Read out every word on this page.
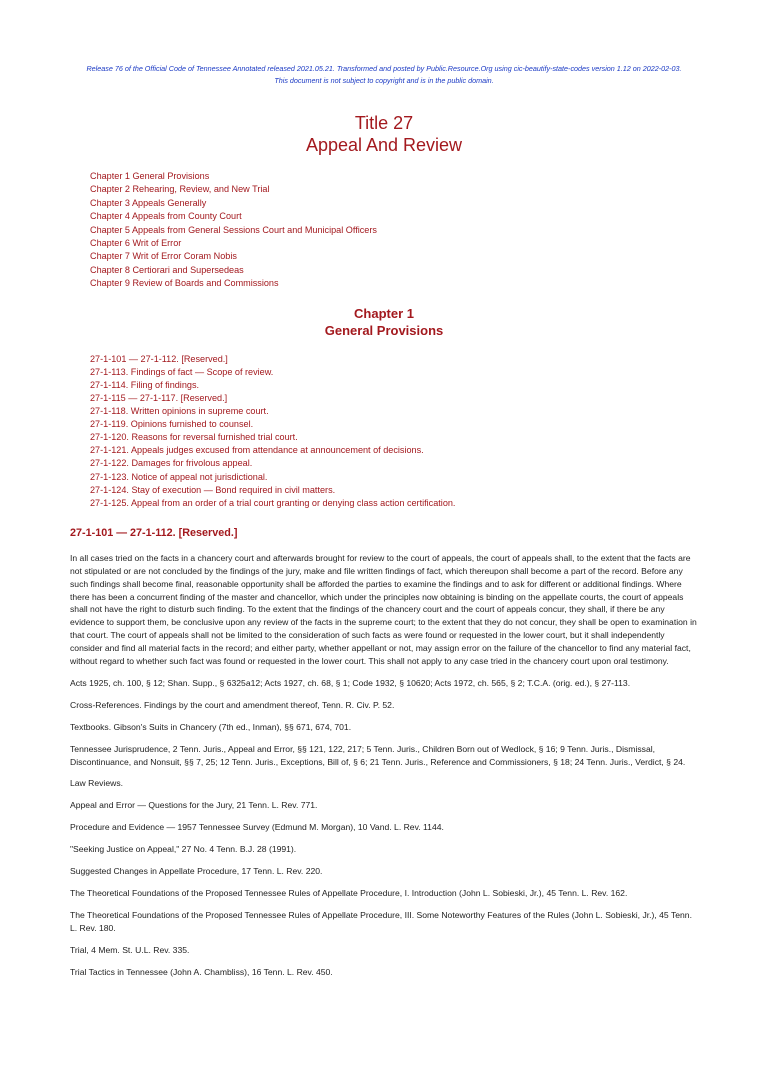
Release 76 of the Official Code of Tennessee Annotated released 2021.05.21. Transformed and posted by Public.Resource.Org using cic-beautify-state-codes version 1.12 on 2022-02-03.
This document is not subject to copyright and is in the public domain.
Title 27
Appeal And Review
Chapter 1 General Provisions
Chapter 2 Rehearing, Review, and New Trial
Chapter 3 Appeals Generally
Chapter 4 Appeals from County Court
Chapter 5 Appeals from General Sessions Court and Municipal Officers
Chapter 6 Writ of Error
Chapter 7 Writ of Error Coram Nobis
Chapter 8 Certiorari and Supersedeas
Chapter 9 Review of Boards and Commissions
Chapter 1
General Provisions
27-1-101 — 27-1-112. [Reserved.]
27-1-113. Findings of fact — Scope of review.
27-1-114. Filing of findings.
27-1-115 — 27-1-117. [Reserved.]
27-1-118. Written opinions in supreme court.
27-1-119. Opinions furnished to counsel.
27-1-120. Reasons for reversal furnished trial court.
27-1-121. Appeals judges excused from attendance at announcement of decisions.
27-1-122. Damages for frivolous appeal.
27-1-123. Notice of appeal not jurisdictional.
27-1-124. Stay of execution — Bond required in civil matters.
27-1-125. Appeal from an order of a trial court granting or denying class action certification.
27-1-101 — 27-1-112. [Reserved.]

In all cases tried on the facts in a chancery court and afterwards brought for review to the court of appeals, the court of appeals shall, to the extent that the facts are not stipulated or are not concluded by the findings of the jury, make and file written findings of fact, which thereupon shall become a part of the record. Before any such findings shall become final, reasonable opportunity shall be afforded the parties to examine the findings and to ask for different or additional findings. Where there has been a concurrent finding of the master and chancellor, which under the principles now obtaining is binding on the appellate courts, the court of appeals shall not have the right to disturb such finding. To the extent that the findings of the chancery court and the court of appeals concur, they shall, if there be any evidence to support them, be conclusive upon any review of the facts in the supreme court; to the extent that they do not concur, they shall be open to examination in that court. The court of appeals shall not be limited to the consideration of such facts as were found or requested in the lower court, but it shall independently consider and find all material facts in the record; and either party, whether appellant or not, may assign error on the failure of the chancellor to find any material fact, without regard to whether such fact was found or requested in the lower court. This shall not apply to any case tried in the chancery court upon oral testimony.

Acts 1925, ch. 100, § 12; Shan. Supp., § 6325a12; Acts 1927, ch. 68, § 1; Code 1932, § 10620; Acts 1972, ch. 565, § 2; T.C.A. (orig. ed.), § 27-113.

Cross-References. Findings by the court and amendment thereof, Tenn. R. Civ. P. 52.

Textbooks. Gibson's Suits in Chancery (7th ed., Inman), §§ 671, 674, 701.

Tennessee Jurisprudence, 2 Tenn. Juris., Appeal and Error, §§ 121, 122, 217; 5 Tenn. Juris., Children Born out of Wedlock, § 16; 9 Tenn. Juris., Dismissal, Discontinuance, and Nonsuit, §§ 7, 25; 12 Tenn. Juris., Exceptions, Bill of, § 6; 21 Tenn. Juris., Reference and Commissioners, § 18; 24 Tenn. Juris., Verdict, § 24.

Law Reviews.

Appeal and Error — Questions for the Jury, 21 Tenn. L. Rev. 771.

Procedure and Evidence — 1957 Tennessee Survey (Edmund M. Morgan), 10 Vand. L. Rev. 1144.

"Seeking Justice on Appeal," 27 No. 4 Tenn. B.J. 28 (1991).

Suggested Changes in Appellate Procedure, 17 Tenn. L. Rev. 220.

The Theoretical Foundations of the Proposed Tennessee Rules of Appellate Procedure, I. Introduction (John L. Sobieski, Jr.), 45 Tenn. L. Rev. 162.

The Theoretical Foundations of the Proposed Tennessee Rules of Appellate Procedure, III. Some Noteworthy Features of the Rules (John L. Sobieski, Jr.), 45 Tenn. L. Rev. 180.

Trial, 4 Mem. St. U.L. Rev. 335.

Trial Tactics in Tennessee (John A. Chambliss), 16 Tenn. L. Rev. 450.
